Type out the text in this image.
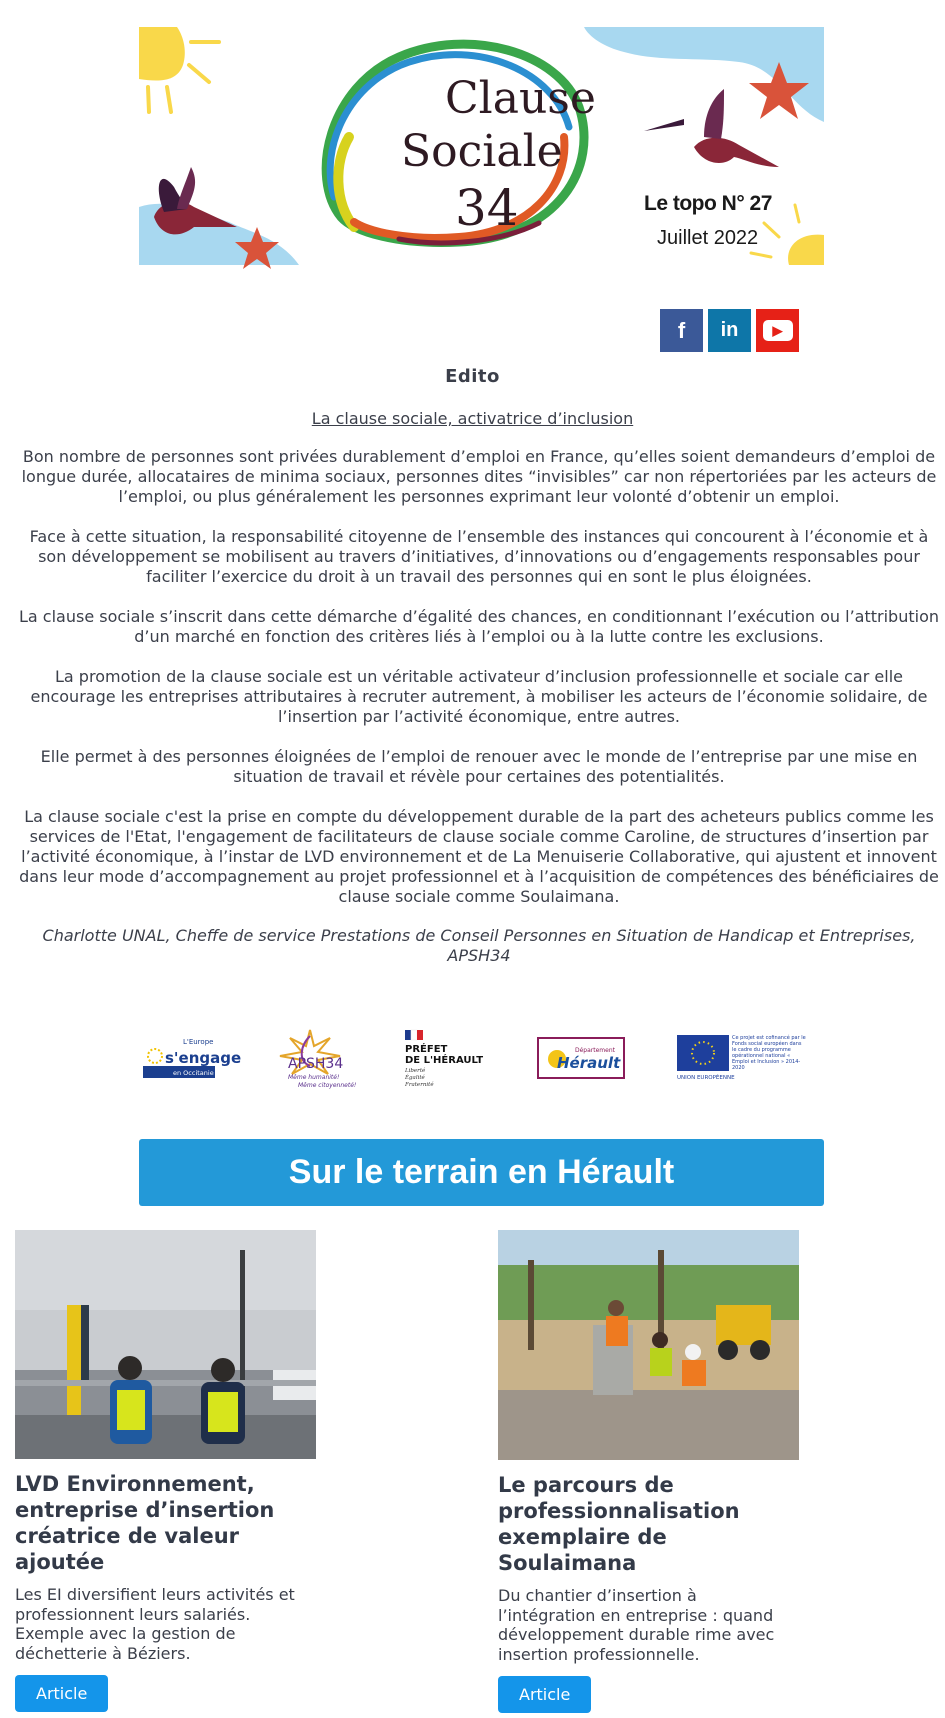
Clause
Sociale
34	Le topo N° 27
Juillet 2022
f in	▶
Edito
La clause sociale, activatrice d’inclusion

Bon nombre de personnes sont privées durablement d’emploi en France, qu’elles soient demandeurs d’emploi de longue durée, allocataires de minima sociaux, personnes dites “invisibles” car non répertoriées par les acteurs de l’emploi, ou plus généralement les personnes exprimant leur volonté d’obtenir un emploi.

Face à cette situation, la responsabilité citoyenne de l’ensemble des instances qui concourent à l’économie et à son développement se mobilisent au travers d’initiatives, d’innovations ou d’engagements responsables pour faciliter l’exercice du droit à un travail des personnes qui en sont le plus éloignées.

La clause sociale s’inscrit dans cette démarche d’égalité des chances, en conditionnant l’exécution ou l’attribution d’un marché en fonction des critères liés à l’emploi ou à la lutte contre les exclusions.

La promotion de la clause sociale est un véritable activateur d’inclusion professionnelle et sociale car elle encourage les entreprises attributaires à recruter autrement, à mobiliser les acteurs de l’économie solidaire, de l’insertion par l’activité économique, entre autres.

Elle permet à des personnes éloignées de l’emploi de renouer avec le monde de l’entreprise par une mise en situation de travail et révèle pour certaines des potentialités.

La clause sociale c'est la prise en compte du développement durable de la part des acheteurs publics comme les services de l'Etat, l'engagement de facilitateurs de clause sociale comme Caroline, de structures d’insertion par l’activité économique, à l’instar de LVD environnement et de La Menuiserie Collaborative, qui ajustent et innovent dans leur mode d’accompagnement au projet professionnel et à l’acquisition de compétences des bénéficiaires de clause sociale comme Soulaimana.

Charlotte UNAL, Cheffe de service Prestations de Conseil Personnes en Situation de Handicap et Entreprises, APSH34

L'Europe
s'engage
en Occitanie
APSH34
Même humanité!
Même citoyenneté!
PRÉFET
DE L'HÉRAULT
Liberté
Égalité
Fraternité
Département
Hérault
UNION EUROPÉENNE
Ce projet est cofinancé par le Fonds social européen dans le cadre du programme opérationnel national « Emploi et Inclusion » 2014-2020
Sur le terrain en Hérault
LVD Environnement, entreprise d’insertion créatrice de valeur ajoutée
Les EI diversifient leurs activités et professionnent leurs salariés. Exemple avec la gestion de déchetterie à Béziers.
Article
Le parcours de professionnalisation exemplaire de Soulaimana
Du chantier d’insertion à l’intégration en entreprise : quand développement durable rime avec insertion professionnelle.
Article
